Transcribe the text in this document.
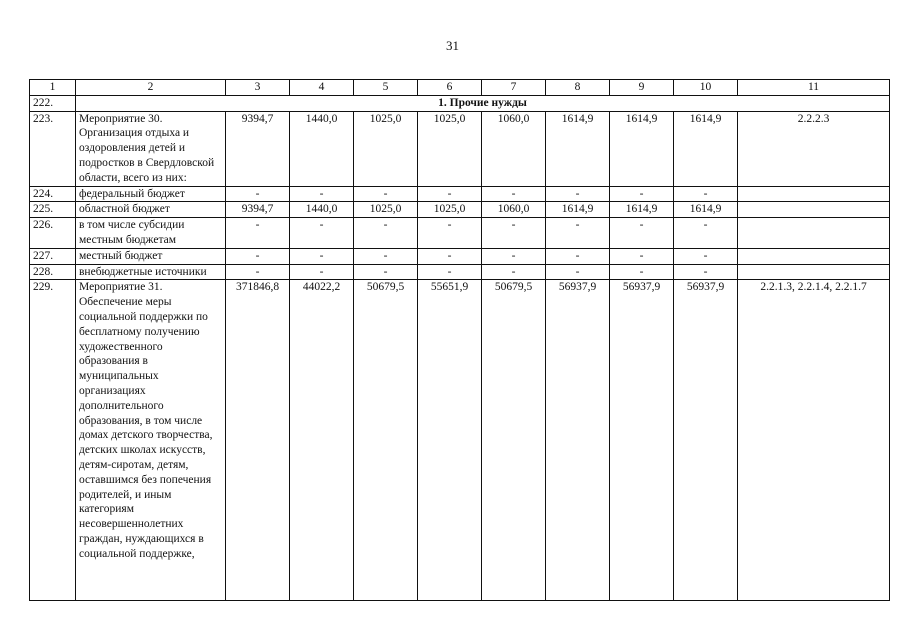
31
1	2	3	4	5	6	7	8	9	10	11
222.	1. Прочие нужды									
223.	Мероприятие 30. Организация отдыха и оздоровления детей и подростков в Свердловской области, всего из них:	9394,7	1440,0	1025,0	1025,0	1060,0	1614,9	1614,9	1614,9	2.2.2.3
224.	федеральный бюджет	-	-	-	-	-	-	-	-	
225.	областной бюджет	9394,7	1440,0	1025,0	1025,0	1060,0	1614,9	1614,9	1614,9	
226.	в том числе субсидии местным бюджетам	-	-	-	-	-	-	-	-	
227.	местный бюджет	-	-	-	-	-	-	-	-	
228.	внебюджетные источники	-	-	-	-	-	-	-	-	
229.	Мероприятие 31. Обеспечение меры социальной поддержки по бесплатному получению художественного образования в муниципальных организациях дополнительного образования, в том числе домах детского творчества, детских школах искусств, детям-сиротам, детям, оставшимся без попечения родителей, и иным категориям несовершеннолетних граждан, нуждающихся в социальной поддержке,	371846,8	44022,2	50679,5	55651,9	50679,5	56937,9	56937,9	56937,9	2.2.1.3, 2.2.1.4, 2.2.1.7
